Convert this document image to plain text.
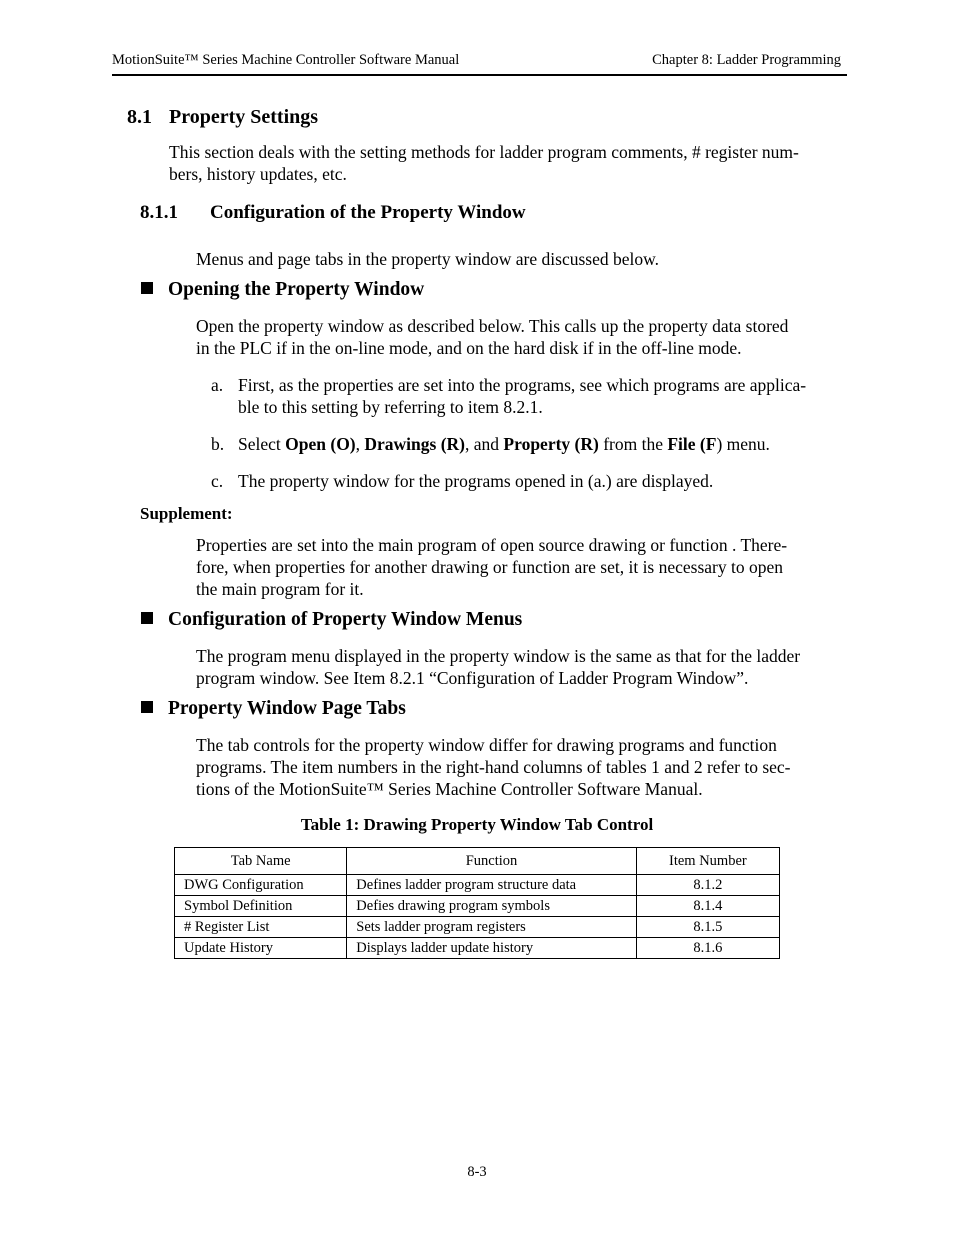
MotionSuite™ Series Machine Controller Software Manual	Chapter 8: Ladder Programming
8.1 Property Settings

This section deals with the setting methods for ladder program comments, # register num-
bers, history updates, etc.

8.1.1 Configuration of the Property Window

Menus and page tabs in the property window are discussed below.

Opening the Property Window

Open the property window as described below. This calls up the property data stored
in the PLC if in the on-line mode, and on the hard disk if in the off-line mode.

a. First, as the properties are set into the programs, see which programs are applica-
ble to this setting by referring to item 8.2.1.
b. Select Open (O), Drawings (R), and Property (R) from the File (F) menu.
c. The property window for the programs opened in (a.) are displayed.
Supplement:

Properties are set into the main program of open source drawing or function . There-
fore, when properties for another drawing or function are set, it is necessary to open
the main program for it.

Configuration of Property Window Menus

The program menu displayed in the property window is the same as that for the ladder
program window. See Item 8.2.1 “Configuration of Ladder Program Window”.

Property Window Page Tabs

The tab controls for the property window differ for drawing programs and function
programs. The item numbers in the right-hand columns of tables 1 and 2 refer to sec-
tions of the MotionSuite™ Series Machine Controller Software Manual.

Table 1: Drawing Property Window Tab Control
Tab Name	Function	Item Number
DWG Configuration	Defines ladder program structure data	8.1.2
Symbol Definition	Defies drawing program symbols	8.1.4
# Register List	Sets ladder program registers	8.1.5
Update History	Displays ladder update history	8.1.6
8-3
